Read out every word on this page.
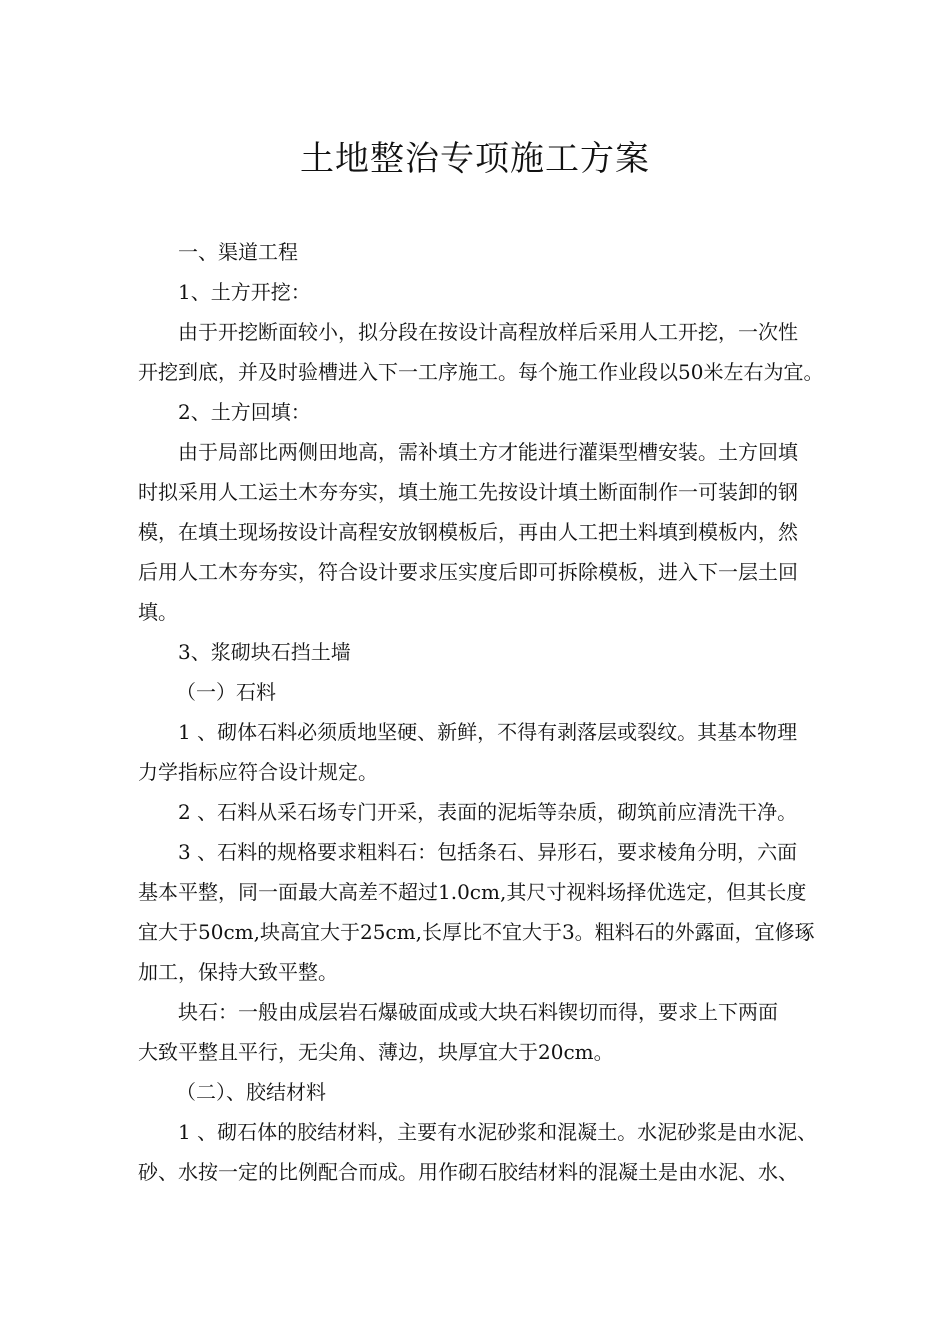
土地整治专项施工方案
一、渠道工程
1、土方开挖：
由于开挖断面较小，拟分段在按设计高程放样后采用人工开挖，一次性
开挖到底，并及时验槽进入下一工序施工。每个施工作业段以50米左右为宜。
2、土方回填：
由于局部比两侧田地高，需补填土方才能进行灌渠型槽安装。土方回填
时拟采用人工运土木夯夯实，填土施工先按设计填土断面制作一可装卸的钢
模，在填土现场按设计高程安放钢模板后，再由人工把土料填到模板内，然
后用人工木夯夯实，符合设计要求压实度后即可拆除模板，进入下一层土回
填。
3、浆砌块石挡土墙
（一）石料
1 、砌体石料必须质地坚硬、新鲜，不得有剥落层或裂纹。其基本物理
力学指标应符合设计规定。
2 、石料从采石场专门开采，表面的泥垢等杂质，砌筑前应清洗干净。
3 、石料的规格要求粗料石：包括条石、异形石，要求棱角分明，六面
基本平整，同一面最大高差不超过1.0cm,其尺寸视料场择优选定，但其长度
宜大于50cm,块高宜大于25cm,长厚比不宜大于3。粗料石的外露面，宜修琢
加工，保持大致平整。
块石：一般由成层岩石爆破面成或大块石料锲切而得，要求上下两面
大致平整且平行，无尖角、薄边，块厚宜大于20cm。
（二）、胶结材料
1 、砌石体的胶结材料，主要有水泥砂浆和混凝土。水泥砂浆是由水泥、
砂、水按一定的比例配合而成。用作砌石胶结材料的混凝土是由水泥、水、
